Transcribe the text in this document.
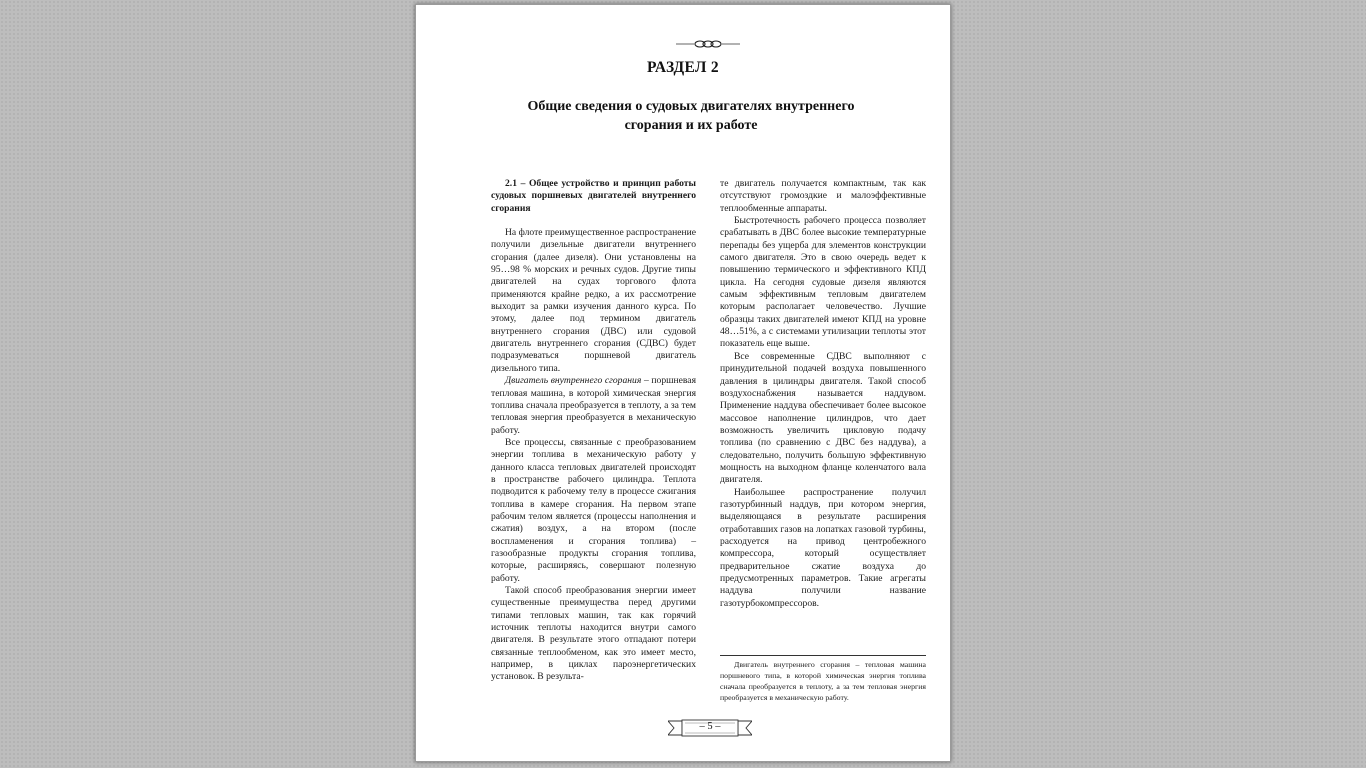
РАЗДЕЛ 2
Общие сведения о судовых двигателях внутреннего сгорания и их работе

2.1 – Общее устройство и принцип работы судовых поршневых двигателей внутреннего сгорания

На флоте преимущественное распространение получили дизельные двигатели внутреннего сгорания (далее дизеля). Они установлены на 95…98 % морских и речных судов. Другие типы двигателей на судах торгового флота применяются крайне редко, а их рассмотрение выходит за рамки изучения данного курса. По этому, далее под термином двигатель внутреннего сгорания (ДВС) или судовой двигатель внутреннего сгорания (СДВС) будет подразумеваться поршневой двигатель дизельного типа.

Двигатель внутреннего сгорания – поршневая тепловая машина, в которой химическая энергия топлива сначала преобразуется в теплоту, а за тем тепловая энергия преобразуется в механическую работу.

Все процессы, связанные с преобразованием энергии топлива в механическую работу у данного класса тепловых двигателей происходят в пространстве рабочего цилиндра. Теплота подводится к рабочему телу в процессе сжигания топлива в камере сгорания. На первом этапе рабочим телом является (процессы наполнения и сжатия) воздух, а на втором (после воспламенения и сгорания топлива) – газообразные продукты сгорания топлива, которые, расширяясь, совершают полезную работу.

Такой способ преобразования энергии имеет существенные преимущества перед другими типами тепловых машин, так как горячий источник теплоты находится внутри самого двигателя. В результате этого отпадают потери связанные теплообменом, как это имеет место, например, в циклах пароэнергетических установок. В результа-

те двигатель получается компактным, так как отсутствуют громоздкие и малоэффективные теплообменные аппараты.

Быстротечность рабочего процесса позволяет срабатывать в ДВС более высокие температурные перепады без ущерба для элементов конструкции самого двигателя. Это в свою очередь ведет к повышению термического и эффективного КПД цикла. На сегодня судовые дизеля являются самым эффективным тепловым двигателем которым располагает человечество. Лучшие образцы таких двигателей имеют КПД на уровне 48…51%, а с системами утилизации теплоты этот показатель еще выше.

Все современные СДВС выполняют с принудительной подачей воздуха повышенного давления в цилиндры двигателя. Такой способ воздухоснабжения называется наддувом. Применение наддува обеспечивает более высокое массовое наполнение цилиндров, что дает возможность увеличить цикловую подачу топлива (по сравнению с ДВС без наддува), а следовательно, получить большую эффективную мощность на выходном фланце коленчатого вала двигателя.

Наибольшее распространение получил газотурбинный наддув, при котором энергия, выделяющаяся в результате расширения отработавших газов на лопатках газовой турбины, расходуется на привод центробежного компрессора, который осуществляет предварительное сжатие воздуха до предусмотренных параметров. Такие агрегаты наддува получили название газотурбокомпрессоров.

Двигатель внутреннего сгорания – тепловая машина поршневого типа, в которой химическая энергия топлива сначала преобразуется в теплоту, а за тем тепловая энергия преобразуется в механическую работу.

– 5 –
